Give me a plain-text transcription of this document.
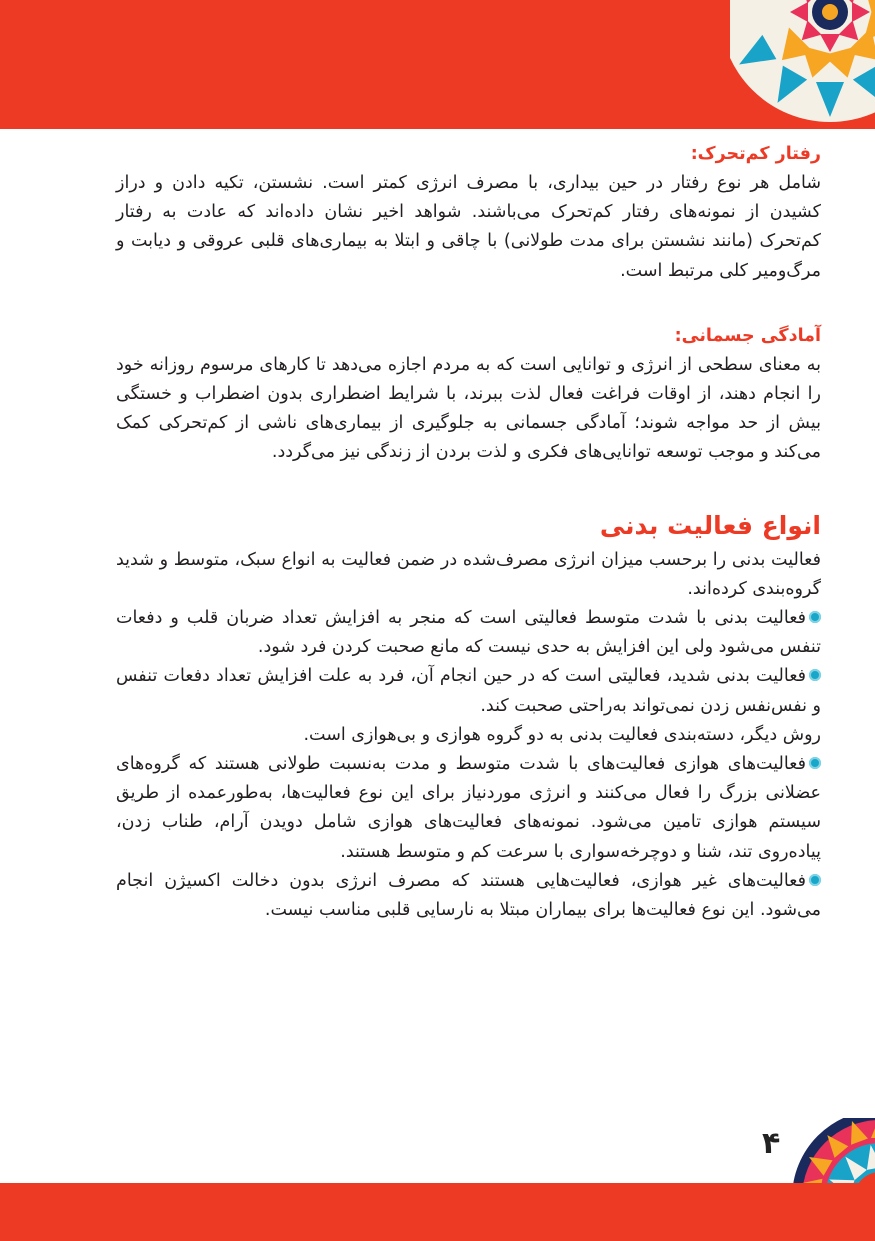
رفتار کم‌تحرک:

شامل هر نوع رفتار در حین بیداری، با مصرف انرژی کمتر است. نشستن، تکیه دادن و دراز کشیدن از نمونه‌های رفتار کم‌تحرک می‌باشند. شواهد اخیر نشان داده‌اند که عادت به رفتار کم‌تحرک (مانند نشستن برای مدت طولانی) با چاقی و ابتلا به بیماری‌های قلبی عروقی و دیابت و مرگ‌ومیر کلی مرتبط است.

آمادگی جسمانی:

به معنای سطحی از انرژی و توانایی است که به مردم اجازه می‌دهد تا کارهای مرسوم روزانه خود را انجام دهند، از اوقات فراغت فعال لذت ببرند، با شرایط اضطراری بدون اضطراب و خستگی بیش از حد مواجه شوند؛ آمادگی جسمانی به جلوگیری از بیماری‌های ناشی از کم‌تحرکی کمک می‌کند و موجب توسعه توانایی‌های فکری و لذت بردن از زندگی نیز می‌گردد.

انواع فعالیت بدنی

فعالیت بدنی را برحسب میزان انرژی مصرف‌شده در ضمن فعالیت به انواع سبک، متوسط و شدید گروه‌بندی کرده‌اند.

فعالیت بدنی با شدت متوسط فعالیتی است که منجر به افزایش تعداد ضربان قلب و دفعات تنفس می‌شود ولی این افزایش به حدی نیست که مانع صحبت کردن فرد شود.

فعالیت بدنی شدید، فعالیتی است که در حین انجام آن، فرد به علت افزایش تعداد دفعات تنفس و نفس‌نفس زدن نمی‌تواند به‌راحتی صحبت کند.

روش دیگر، دسته‌بندی فعالیت بدنی به دو گروه هوازی و بی‌هوازی است.

فعالیت‌های هوازی فعالیت‌های با شدت متوسط و مدت به‌نسبت طولانی هستند که گروه‌های عضلانی بزرگ را فعال می‌کنند و انرژی موردنیاز برای این نوع فعالیت‌ها، به‌طورعمده از طریق سیستم هوازی تامین می‌شود. نمونه‌های فعالیت‌های هوازی شامل دویدن آرام، طناب زدن، پیاده‌روی تند، شنا و دوچرخه‌سواری با سرعت کم و متوسط هستند.

فعالیت‌های غیر هوازی، فعالیت‌هایی هستند که مصرف انرژی بدون دخالت اکسیژن انجام می‌شود. این نوع فعالیت‌ها برای بیماران مبتلا به نارسایی قلبی مناسب نیست.

۴
